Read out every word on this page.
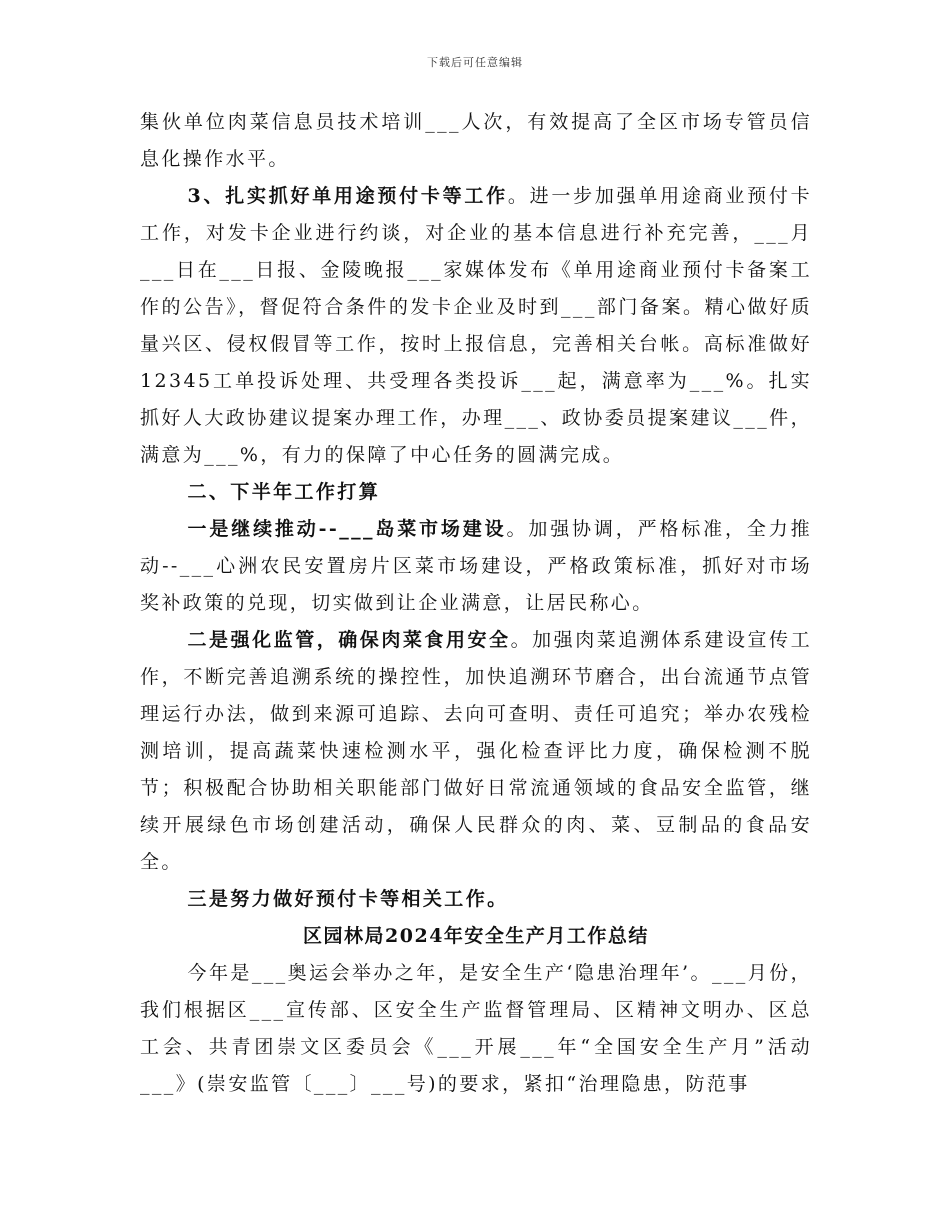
下载后可任意编辑

集伙单位肉菜信息员技术培训___人次，有效提高了全区市场专管员信息化操作水平。

3、扎实抓好单用途预付卡等工作。进一步加强单用途商业预付卡工作，对发卡企业进行约谈，对企业的基本信息进行补充完善，___月___日在___日报、金陵晚报___家媒体发布《单用途商业预付卡备案工作的公告》，督促符合条件的发卡企业及时到___部门备案。精心做好质量兴区、侵权假冒等工作，按时上报信息，完善相关台帐。高标准做好12345工单投诉处理、共受理各类投诉___起，满意率为___%。扎实抓好人大政协建议提案办理工作，办理___、政协委员提案建议___件，满意为___%，有力的保障了中心任务的圆满完成。

二、下半年工作打算

一是继续推动--___岛菜市场建设。加强协调，严格标准，全力推动--___心洲农民安置房片区菜市场建设，严格政策标准，抓好对市场奖补政策的兑现，切实做到让企业满意，让居民称心。

二是强化监管，确保肉菜食用安全。加强肉菜追溯体系建设宣传工作，不断完善追溯系统的操控性，加快追溯环节磨合，出台流通节点管理运行办法，做到来源可追踪、去向可查明、责任可追究；举办农残检测培训，提高蔬菜快速检测水平，强化检查评比力度，确保检测不脱节；积极配合协助相关职能部门做好日常流通领域的食品安全监管，继续开展绿色市场创建活动，确保人民群众的肉、菜、豆制品的食品安全。

三是努力做好预付卡等相关工作。

区园林局2024年安全生产月工作总结

今年是___奥运会举办之年，是安全生产‘隐患治理年’。___月份，我们根据区___宣传部、区安全生产监督管理局、区精神文明办、区总工会、共青团崇文区委员会《___开展___年“全国安全生产月”活动___》(崇安监管〔___〕___号)的要求，紧扣“治理隐患，防范事
